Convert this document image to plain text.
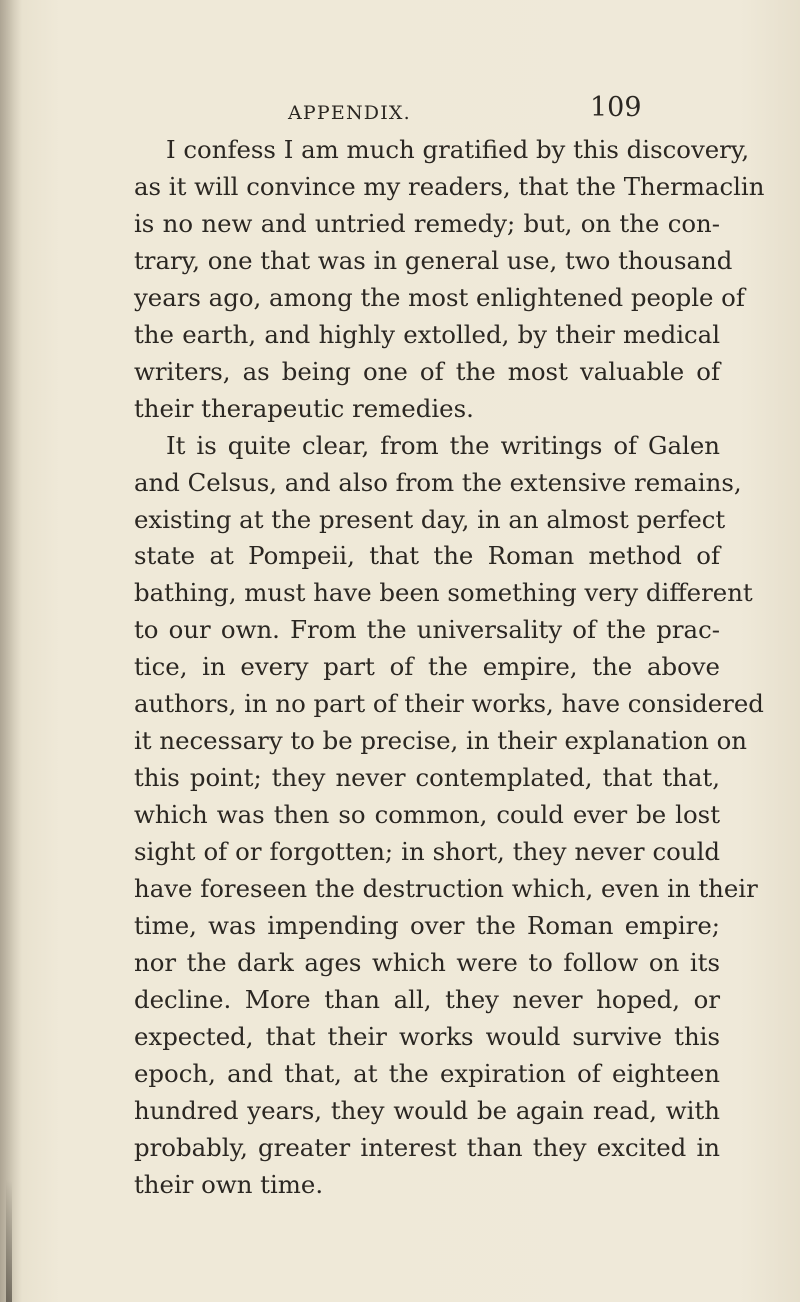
APPENDIX.	109
I confess I am much gratified by this discovery,
as it will convince my readers, that the Thermaclin
is no new and untried remedy; but, on the con-
trary, one that was in general use, two thousand
years ago, among the most enlightened people of
the earth, and highly extolled, by their medical
writers, as being one of the most valuable of
their therapeutic remedies.
It is quite clear, from the writings of Galen
and Celsus, and also from the extensive remains,
existing at the present day, in an almost perfect
state at Pompeii, that the Roman method of
bathing, must have been something very different
to our own. From the universality of the prac-
tice, in every part of the empire, the above
authors, in no part of their works, have considered
it necessary to be precise, in their explanation on
this point; they never contemplated, that that,
which was then so common, could ever be lost
sight of or forgotten; in short, they never could
have foreseen the destruction which, even in their
time, was impending over the Roman empire;
nor the dark ages which were to follow on its
decline. More than all, they never hoped, or
expected, that their works would survive this
epoch, and that, at the expiration of eighteen
hundred years, they would be again read, with
probably, greater interest than they excited in
their own time.
